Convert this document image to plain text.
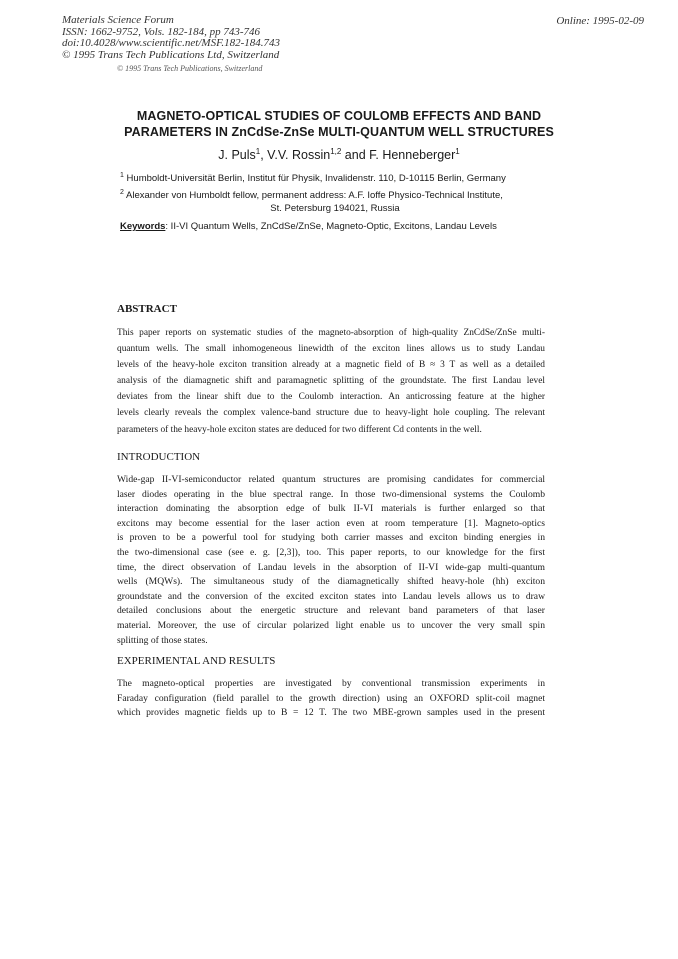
Materials Science Forum
ISSN: 1662-9752, Vols. 182-184, pp 743-746
doi:10.4028/www.scientific.net/MSF.182-184.743
© 1995 Trans Tech Publications Ltd, Switzerland
Online: 1995-02-09
© 1995 Trans Tech Publications, Switzerland
MAGNETO-OPTICAL STUDIES OF COULOMB EFFECTS AND BAND
PARAMETERS IN ZnCdSe-ZnSe MULTI-QUANTUM WELL STRUCTURES
J. Puls$^1$, V.V. Rossin$^{1,2}$ and F. Henneberger$^1$
$^1$ Humboldt-Universität Berlin, Institut für Physik, Invalidenstr. 110, D-10115 Berlin, Germany
$^2$ Alexander von Humboldt fellow, permanent address: A.F. Ioffe Physico-Technical Institute,
St. Petersburg 194021, Russia
Keywords: II-VI Quantum Wells, ZnCdSe/ZnSe, Magneto-Optic, Excitons, Landau Levels
ABSTRACT
This paper reports on systematic studies of the magneto-absorption of high-quality ZnCdSe/ZnSe multi-
quantum wells. The small inhomogeneous linewidth of the exciton lines allows us to study Landau
levels of the heavy-hole exciton transition already at a magnetic field of B ≈ 3 T as well as a detailed
analysis of the diamagnetic shift and paramagnetic splitting of the groundstate. The first Landau level
deviates from the linear shift due to the Coulomb interaction. An anticrossing feature at the higher
levels clearly reveals the complex valence-band structure due to heavy-light hole coupling. The relevant
parameters of the heavy-hole exciton states are deduced for two different Cd contents in the well.
INTRODUCTION
Wide-gap II-VI-semiconductor related quantum structures are promising candidates for commercial
laser diodes operating in the blue spectral range. In those two-dimensional systems the Coulomb
interaction dominating the absorption edge of bulk II-VI materials is further enlarged so that
excitons may become essential for the laser action even at room temperature [1]. Magneto-optics
is proven to be a powerful tool for studying both carrier masses and exciton binding energies in
the two-dimensional case (see e. g. [2,3]), too. This paper reports, to our knowledge for the first
time, the direct observation of Landau levels in the absorption of II-VI wide-gap multi-quantum
wells (MQWs). The simultaneous study of the diamagnetically shifted heavy-hole (hh) exciton
groundstate and the conversion of the excited exciton states into Landau levels allows us to draw
detailed conclusions about the energetic structure and relevant band parameters of that laser
material. Moreover, the use of circular polarized light enable us to uncover the very small spin
splitting of those states.
EXPERIMENTAL AND RESULTS
The magneto-optical properties are investigated by conventional transmission experiments in
Faraday configuration (field parallel to the growth direction) using an OXFORD split-coil magnet
which provides magnetic fields up to B = 12 T. The two MBE-grown samples used in the present
